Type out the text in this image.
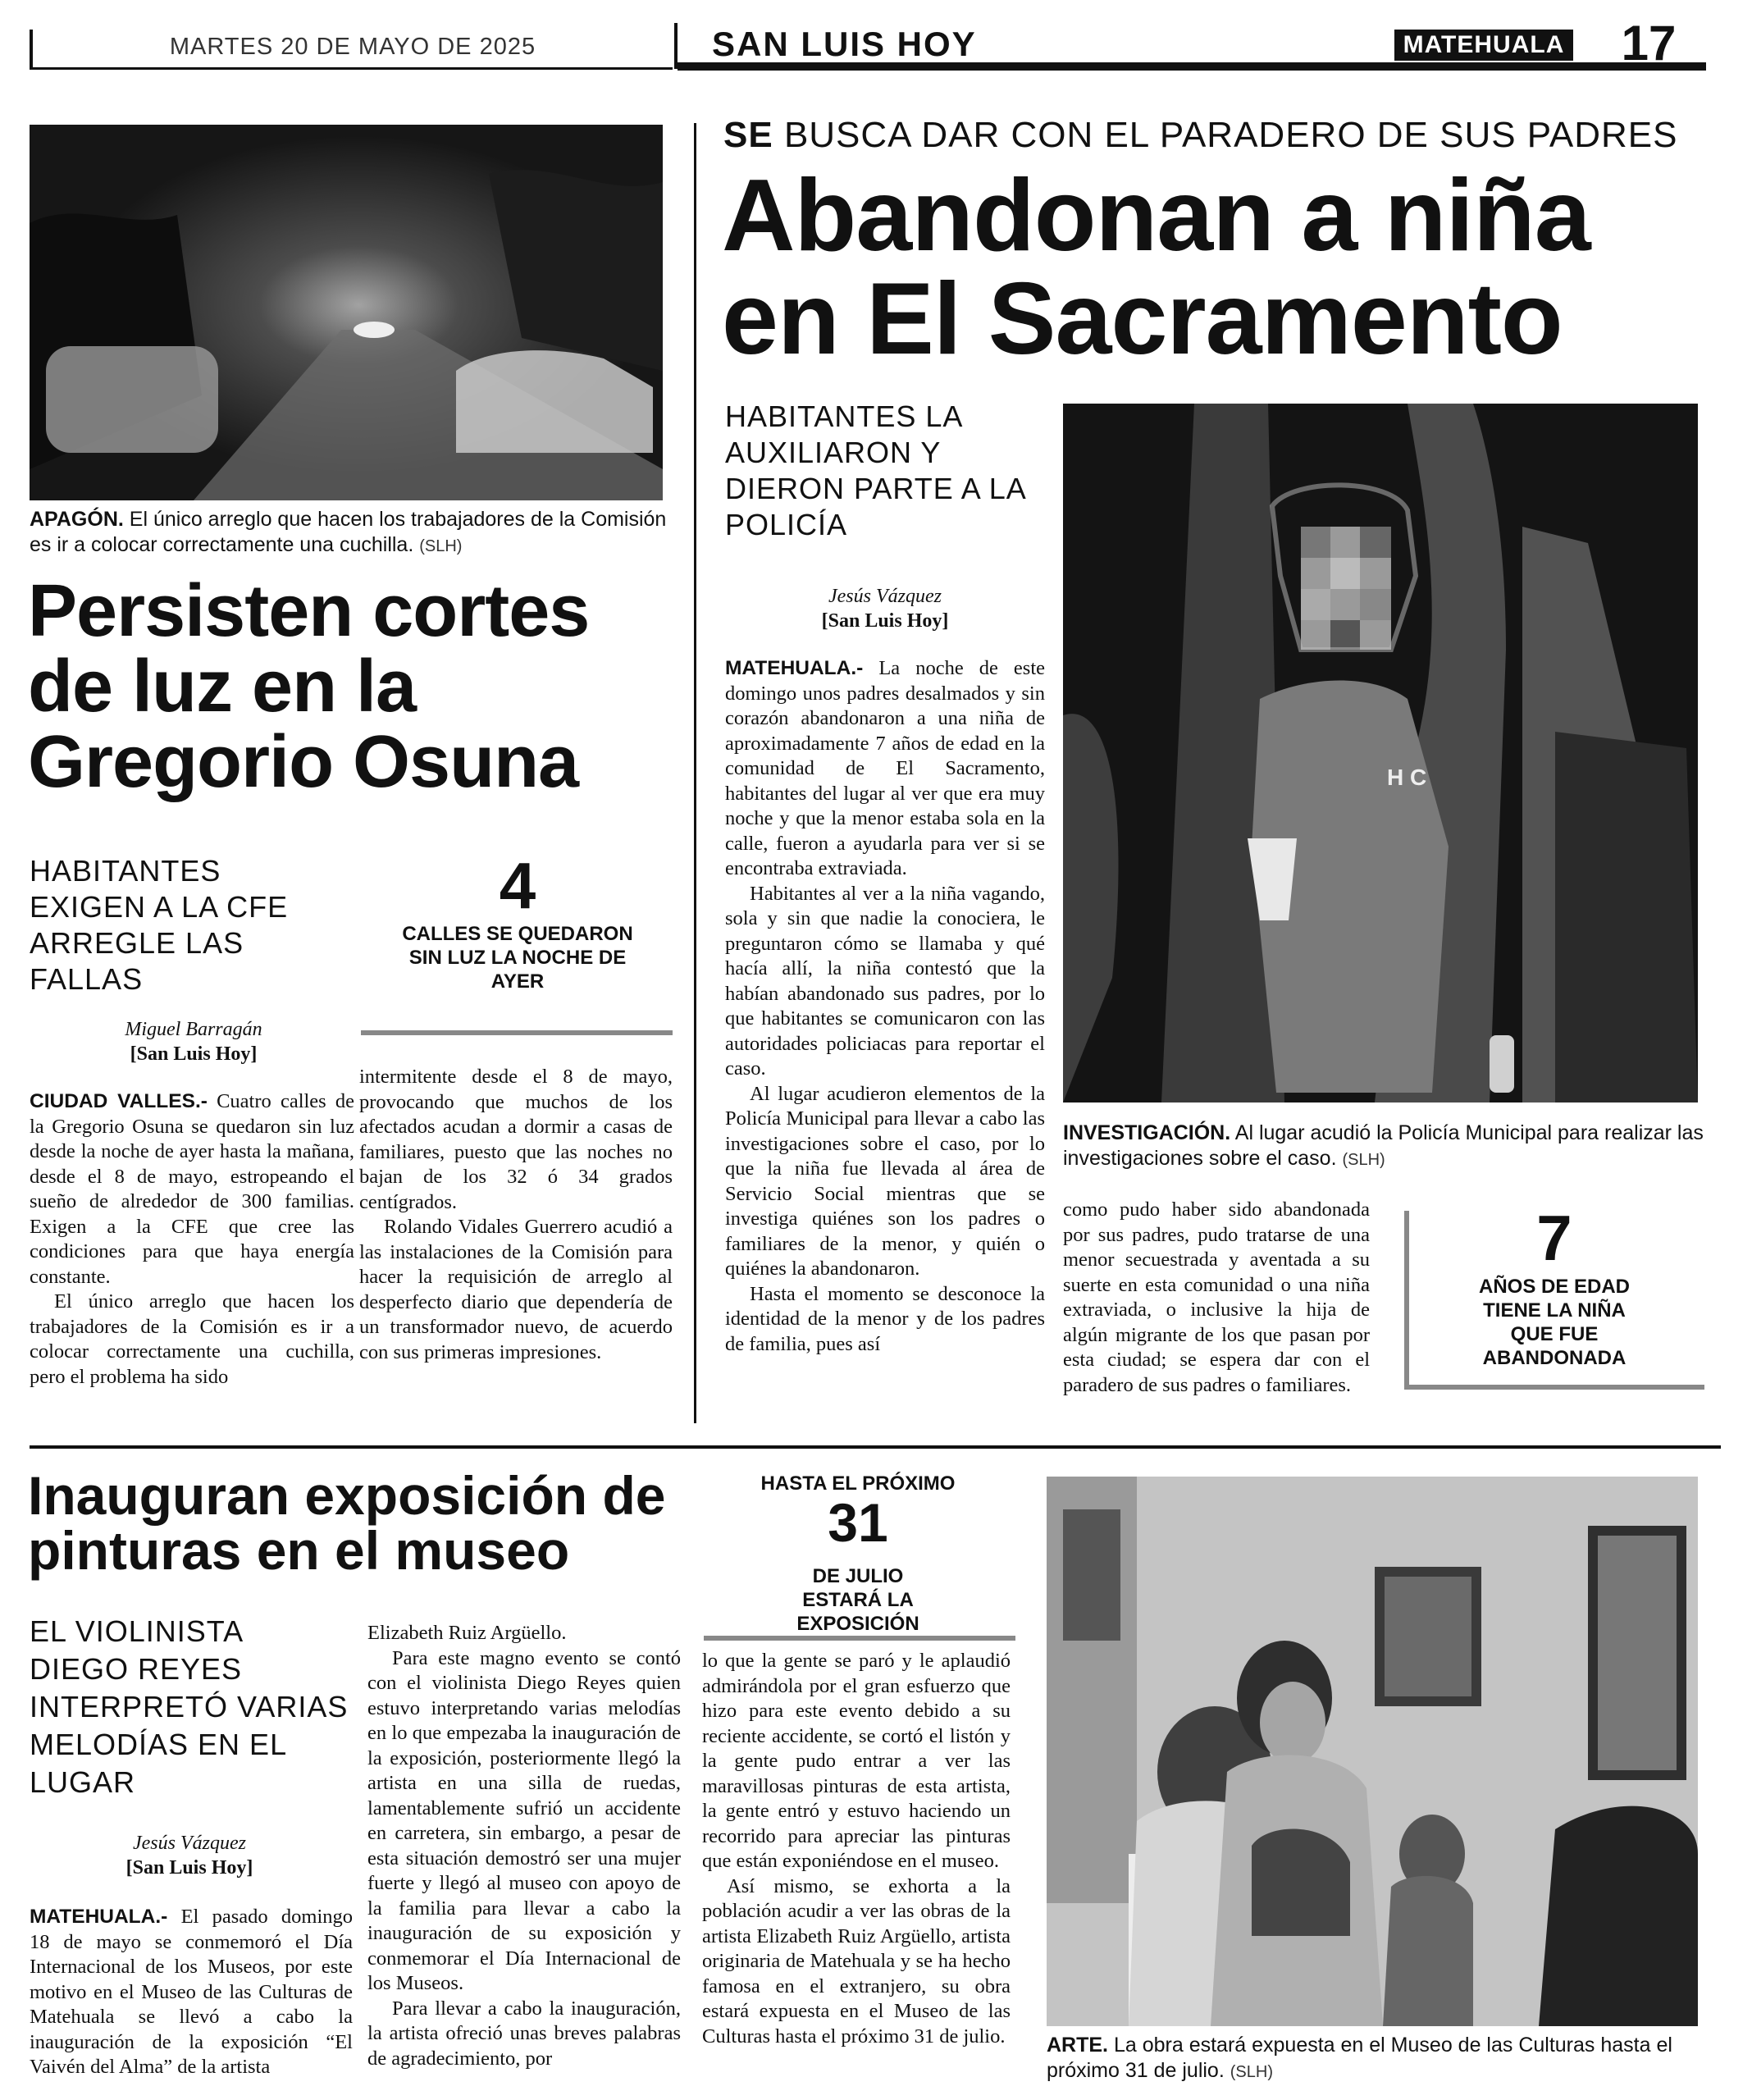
MARTES 20 DE MAYO DE 2025	SAN LUIS HOY	MATEHUALA	17
APAGÓN. El único arreglo que hacen los trabajadores de la Comisión es ir a colocar correctamente una cuchilla. (SLH)
Persisten cortes de luz en la Gregorio Osuna
HABITANTES EXIGEN A LA CFE ARREGLE LAS FALLAS
4
CALLES SE QUEDARON SIN LUZ LA NOCHE DE AYER
Miguel Barragán
[San Luis Hoy]

CIUDAD VALLES.- Cuatro calles de la Gregorio Osuna se quedaron sin luz desde la noche de ayer hasta la mañana, desde el 8 de mayo, estropeando el sueño de alrededor de 300 familias. Exigen a la CFE que cree las condiciones para que haya energía constante.

El único arreglo que hacen los trabajadores de la Comisión es ir a colocar correctamente una cuchilla, pero el problema ha sido

intermitente desde el 8 de mayo, provocando que muchos de los afectados acudan a dormir a casas de familiares, puesto que las noches no bajan de los 32 ó 34 grados centígrados.

Rolando Vidales Guerrero acudió a las instalaciones de la Comisión para hacer la requisición de arreglo al desperfecto diario que dependería de un transformador nuevo, de acuerdo con sus primeras impresiones.

SE BUSCA DAR CON EL PARADERO DE SUS PADRES
Abandonan a niña en El Sacramento
HABITANTES LA AUXILIARON Y DIERON PARTE A LA POLICÍA
Jesús Vázquez
[San Luis Hoy]
H C
INVESTIGACIÓN. Al lugar acudió la Policía Municipal para realizar las investigaciones sobre el caso. (SLH)

MATEHUALA.- La noche de este domingo unos padres desalmados y sin corazón abandonaron a una niña de aproximadamente 7 años de edad en la comunidad de El Sacramento, habitantes del lugar al ver que era muy noche y que la menor estaba sola en la calle, fueron a ayudarla para ver si se encontraba extraviada.

Habitantes al ver a la niña vagando, sola y sin que nadie la conociera, le preguntaron cómo se llamaba y qué hacía allí, la niña contestó que la habían abandonado sus padres, por lo que habitantes se comunicaron con las autoridades policiacas para reportar el caso.

Al lugar acudieron elementos de la Policía Municipal para llevar a cabo las investigaciones sobre el caso, por lo que la niña fue llevada al área de Servicio Social mientras que se investiga quiénes son los padres o familiares de la menor, y quién o quiénes la abandonaron.

Hasta el momento se desconoce la identidad de la menor y de los padres de familia, pues así

como pudo haber sido abandonada por sus padres, pudo tratarse de una menor secuestrada y aventada a su suerte en esta comunidad o una niña extraviada, o inclusive la hija de algún migrante de los que pasan por esta ciudad; se espera dar con el paradero de sus padres o familiares.

7
AÑOS DE EDAD TIENE LA NIÑA QUE FUE ABANDONADA
Inauguran exposición de pinturas en el museo
EL VIOLINISTA DIEGO REYES INTERPRETÓ VARIAS MELODÍAS EN EL LUGAR
Jesús Vázquez
[San Luis Hoy]

MATEHUALA.- El pasado domingo 18 de mayo se conmemoró el Día Internacional de los Museos, por este motivo en el Museo de las Culturas de Matehuala se llevó a cabo la inauguración de la exposición “El Vaivén del Alma” de la artista

Elizabeth Ruiz Argüello.

Para este magno evento se contó con el violinista Diego Reyes quien estuvo interpretando varias melodías en lo que empezaba la inauguración de la exposición, posteriormente llegó la artista en una silla de ruedas, lamentablemente sufrió un accidente en carretera, sin embargo, a pesar de esta situación demostró ser una mujer fuerte y llegó al museo con apoyo de la familia para llevar a cabo la inauguración de su exposición y conmemorar el Día Internacional de los Museos.

Para llevar a cabo la inauguración, la artista ofreció unas breves palabras de agradecimiento, por

HASTA EL PRÓXIMO
31
DE JULIO ESTARÁ LA EXPOSICIÓN

lo que la gente se paró y le aplaudió admirándola por el gran esfuerzo que hizo para este evento debido a su reciente accidente, se cortó el listón y la gente pudo entrar a ver las maravillosas pinturas de esta artista, la gente entró y estuvo haciendo un recorrido para apreciar las pinturas que están exponiéndose en el museo.

Así mismo, se exhorta a la población acudir a ver las obras de la artista Elizabeth Ruiz Argüello, artista originaria de Matehuala y se ha hecho famosa en el extranjero, su obra estará expuesta en el Museo de las Culturas hasta el próximo 31 de julio. ARTE. La obra estará expuesta en el Museo de las Culturas hasta el próximo 31 de julio. (SLH)
